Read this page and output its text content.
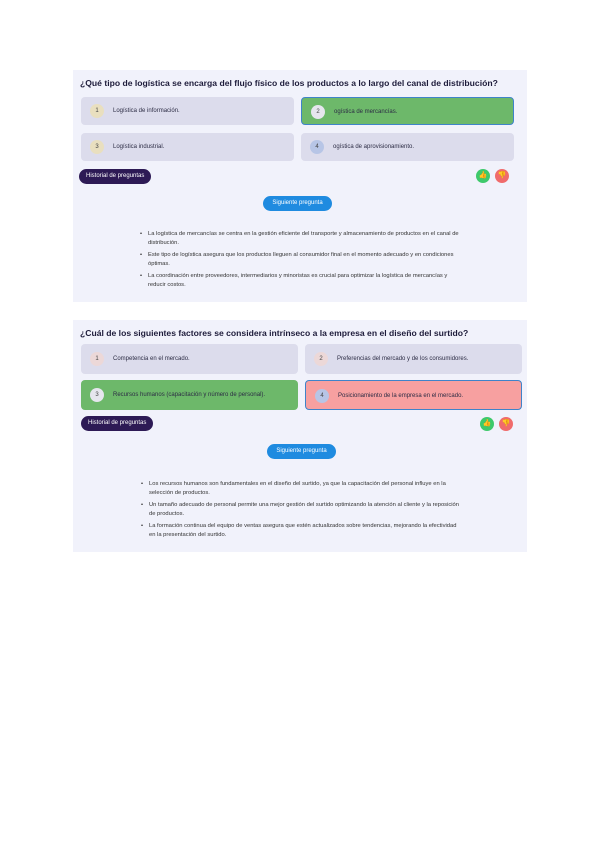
¿Qué tipo de logística se encarga del flujo físico de los productos a lo largo del canal de distribución?
1	Logística de información.	2	ogística de mercancías.
3	Logística industrial.	4	ogística de aprovisionamiento.
Historial de preguntas	👍	👎
Siguiente pregunta
• La logística de mercancías se centra en la gestión eficiente del transporte y almacenamiento de productos en el canal de distribución.
• Este tipo de logística asegura que los productos lleguen al consumidor final en el momento adecuado y en condiciones óptimas.
• La coordinación entre proveedores, intermediarios y minoristas es crucial para optimizar la logística de mercancías y reducir costos.
¿Cuál de los siguientes factores se considera intrínseco a la empresa en el diseño del surtido?
1	Competencia en el mercado.	2	Preferencias del mercado y de los consumidores.
3	Recursos humanos (capacitación y número de personal).	4	Posicionamiento de la empresa en el mercado.
Historial de preguntas	👍	👎
Siguiente pregunta
• Los recursos humanos son fundamentales en el diseño del surtido, ya que la capacitación del personal influye en la selección de productos.
• Un tamaño adecuado de personal permite una mejor gestión del surtido optimizando la atención al cliente y la reposición de productos.
• La formación continua del equipo de ventas asegura que estén actualizados sobre tendencias, mejorando la efectividad en la presentación del surtido.
